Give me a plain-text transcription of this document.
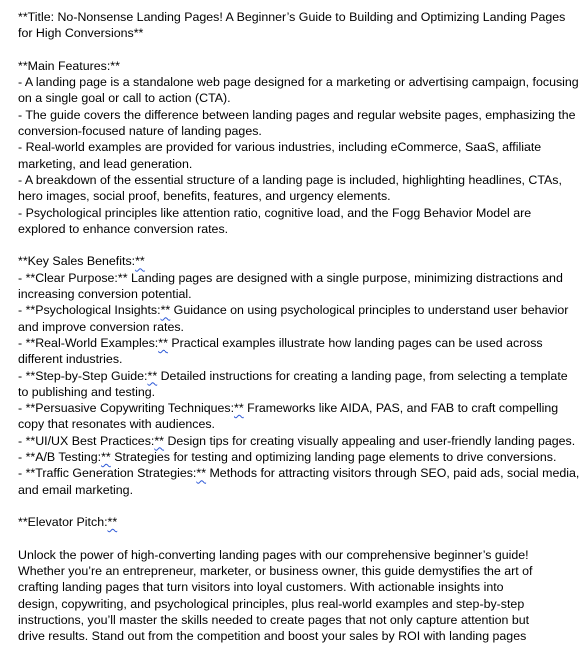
**Title: No-Nonsense Landing Pages! A Beginner’s Guide to Building and Optimizing Landing Pages for High Conversions**

**Main Features:**
- A landing page is a standalone web page designed for a marketing or advertising campaign, focusing on a single goal or call to action (CTA).
- The guide covers the difference between landing pages and regular website pages, emphasizing the conversion-focused nature of landing pages.
- Real-world examples are provided for various industries, including eCommerce, SaaS, affiliate marketing, and lead generation.
- A breakdown of the essential structure of a landing page is included, highlighting headlines, CTAs, hero images, social proof, benefits, features, and urgency elements.
- Psychological principles like attention ratio, cognitive load, and the Fogg Behavior Model are explored to enhance conversion rates.
**Key Sales Benefits:**
- **Clear Purpose:** Landing pages are designed with a single purpose, minimizing distractions and increasing conversion potential.
- **Psychological Insights:** Guidance on using psychological principles to understand user behavior and improve conversion rates.
- **Real-World Examples:** Practical examples illustrate how landing pages can be used across different industries.
- **Step-by-Step Guide:** Detailed instructions for creating a landing page, from selecting a template to publishing and testing.
- **Persuasive Copywriting Techniques:** Frameworks like AIDA, PAS, and FAB to craft compelling copy that resonates with audiences.
- **UI/UX Best Practices:** Design tips for creating visually appealing and user-friendly landing pages.
- **A/B Testing:** Strategies for testing and optimizing landing page elements to drive conversions.
- **Traffic Generation Strategies:** Methods for attracting visitors through SEO, paid ads, social media, and email marketing.

**Elevator Pitch:**

Unlock the power of high-converting landing pages with our comprehensive beginner’s guide!
Whether you’re an entrepreneur, marketer, or business owner, this guide demystifies the art of
crafting landing pages that turn visitors into loyal customers. With actionable insights into
design, copywriting, and psychological principles, plus real-world examples and step-by-step
instructions, you’ll master the skills needed to create pages that not only capture attention but
drive results. Stand out from the competition and boost your sales by ROI with landing pages
